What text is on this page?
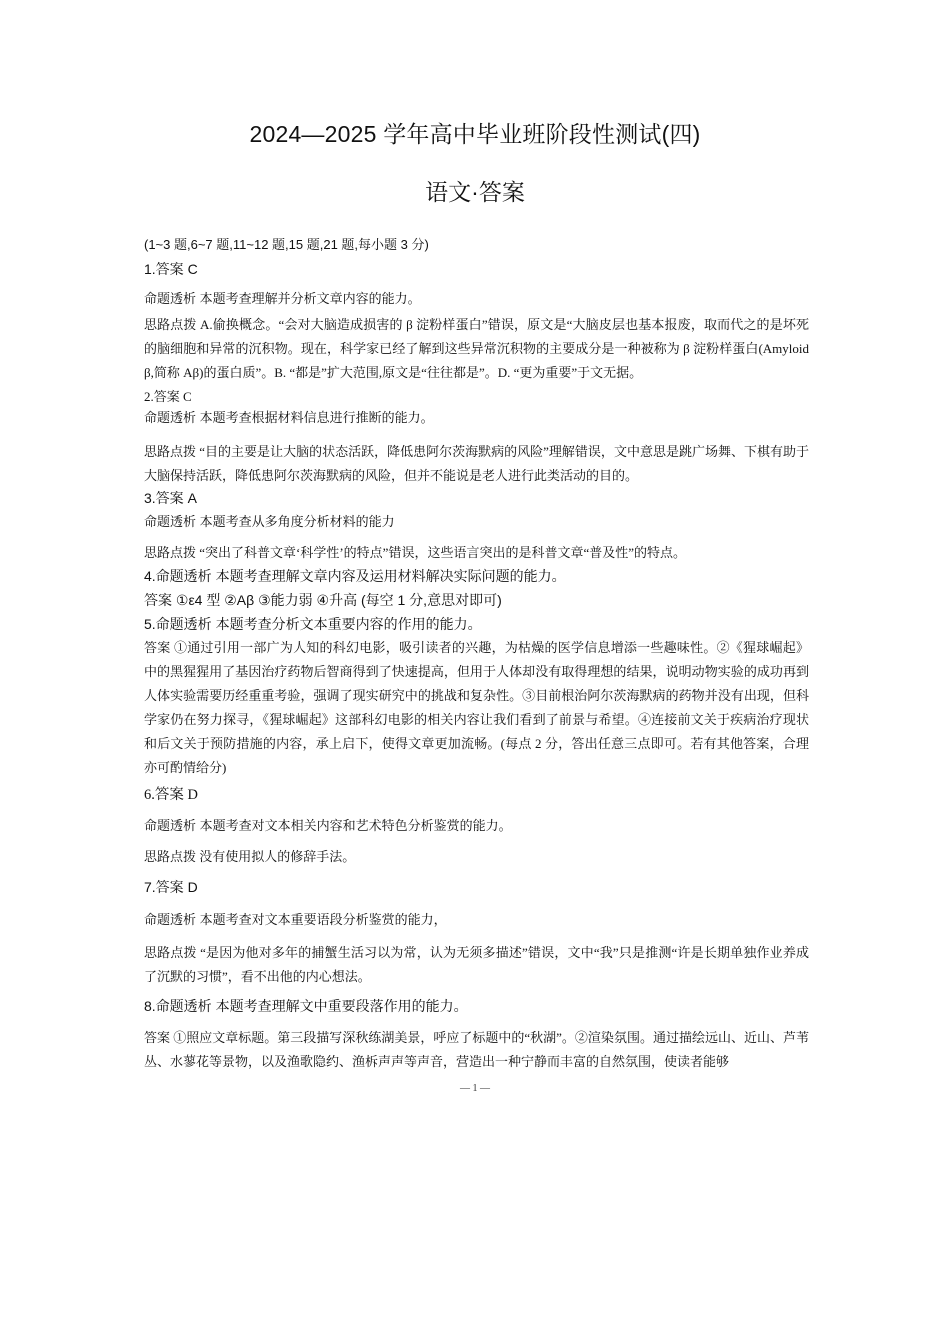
2024—2025 学年高中毕业班阶段性测试(四)
语文·答案
(1~3 题,6~7 题,11~12 题,15 题,21 题,每小题 3 分)
1.答案 C
命题透析 本题考查理解并分析文章内容的能力。
思路点拨 A.偷换概念。“会对大脑造成损害的 β 淀粉样蛋白”错误，原文是“大脑皮层也基本报废，取而代之的是坏死的脑细胞和异常的沉积物。现在，科学家已经了解到这些异常沉积物的主要成分是一种被称为 β 淀粉样蛋白(Amyloid β,简称 Aβ)的蛋白质”。B. “都是”扩大范围,原文是“往往都是”。D. “更为重要”于文无据。
2.答案 C
命题透析 本题考查根据材料信息进行推断的能力。
思路点拨 “目的主要是让大脑的状态活跃，降低患阿尔茨海默病的风险”理解错误，文中意思是跳广场舞、下棋有助于大脑保持活跃，降低患阿尔茨海默病的风险，但并不能说是老人进行此类活动的目的。
3.答案 A
命题透析 本题考查从多角度分析材料的能力
思路点拨 “突出了科普文章‘科学性’的特点”错误，这些语言突出的是科普文章“普及性”的特点。
4.命题透析 本题考查理解文章内容及运用材料解决实际问题的能力。
答案 ①ε4 型 ②Aβ ③能力弱 ④升高 (每空 1 分,意思对即可)
5.命题透析 本题考查分析文本重要内容的作用的能力。
答案 ①通过引用一部广为人知的科幻电影，吸引读者的兴趣，为枯燥的医学信息增添一些趣味性。②《猩球崛起》中的黑猩猩用了基因治疗药物后智商得到了快速提高，但用于人体却没有取得理想的结果，说明动物实验的成功再到人体实验需要历经重重考验，强调了现实研究中的挑战和复杂性。③目前根治阿尔茨海默病的药物并没有出现，但科学家仍在努力探寻，《猩球崛起》这部科幻电影的相关内容让我们看到了前景与希望。④连接前文关于疾病治疗现状和后文关于预防措施的内容，承上启下，使得文章更加流畅。(每点 2 分，答出任意三点即可。若有其他答案，合理亦可酌情给分)
6.答案 D
命题透析 本题考查对文本相关内容和艺术特色分析鉴赏的能力。
思路点拨 没有使用拟人的修辞手法。
7.答案 D
命题透析 本题考查对文本重要语段分析鉴赏的能力，
思路点拨 “是因为他对多年的捕蟹生活习以为常，认为无须多描述”错误，文中“我”只是推测“许是长期单独作业养成了沉默的习惯”，看不出他的内心想法。
8.命题透析 本题考查理解文中重要段落作用的能力。
答案 ①照应文章标题。第三段描写深秋练湖美景，呼应了标题中的“秋湖”。②渲染氛围。通过描绘远山、近山、芦苇丛、水蓼花等景物，以及渔歌隐约、渔柝声声等声音，营造出一种宁静而丰富的自然氛围，使读者能够
— 1 —
